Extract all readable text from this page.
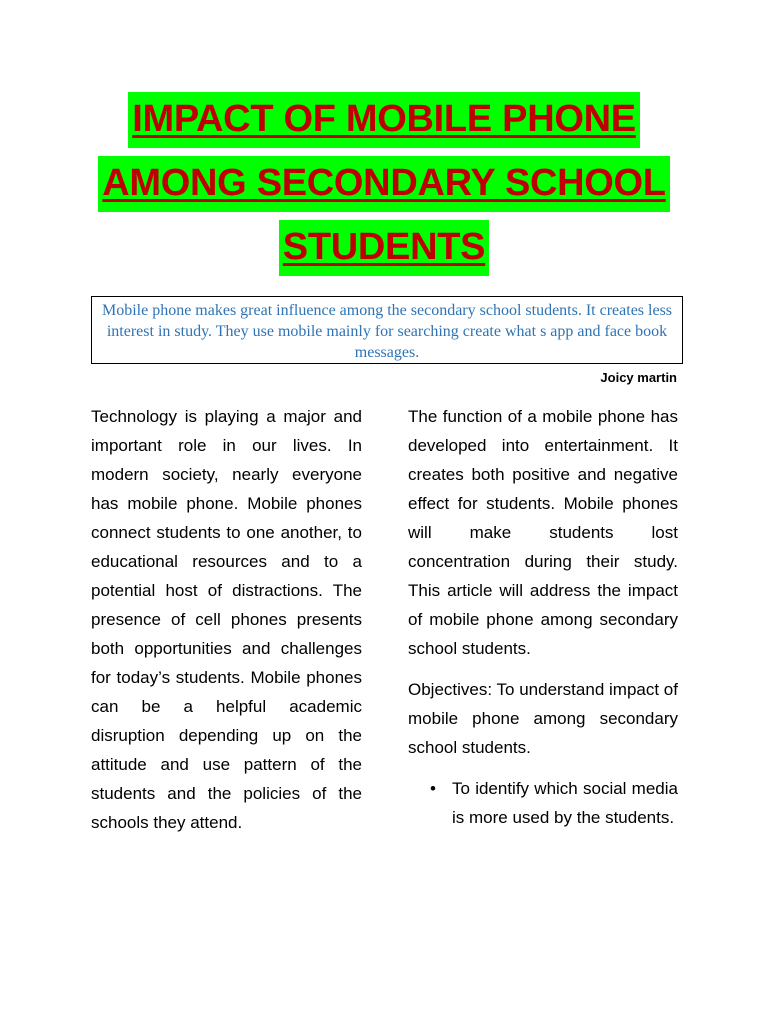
IMPACT OF MOBILE PHONE
AMONG SECONDARY SCHOOL
STUDENTS
Mobile phone makes great influence among the secondary school students. It creates less interest in study. They use mobile mainly for searching create what s app and face book messages.
Joicy martin

Technology is playing a major and important role in our lives. In modern society, nearly everyone has mobile phone. Mobile phones connect students to one another, to educational resources and to a potential host of distractions. The presence of cell phones presents both opportunities and challenges for today’s students. Mobile phones can be a helpful academic disruption depending up on the attitude and use pattern of the students and the policies of the schools they attend.

The function of a mobile phone has developed into entertainment. It creates both positive and negative effect for students. Mobile phones will make students lost concentration during their study. This article will address the impact of mobile phone among secondary school students.

Objectives: To understand impact of mobile phone among secondary school students.

• To identify which social media is more used by the students.
